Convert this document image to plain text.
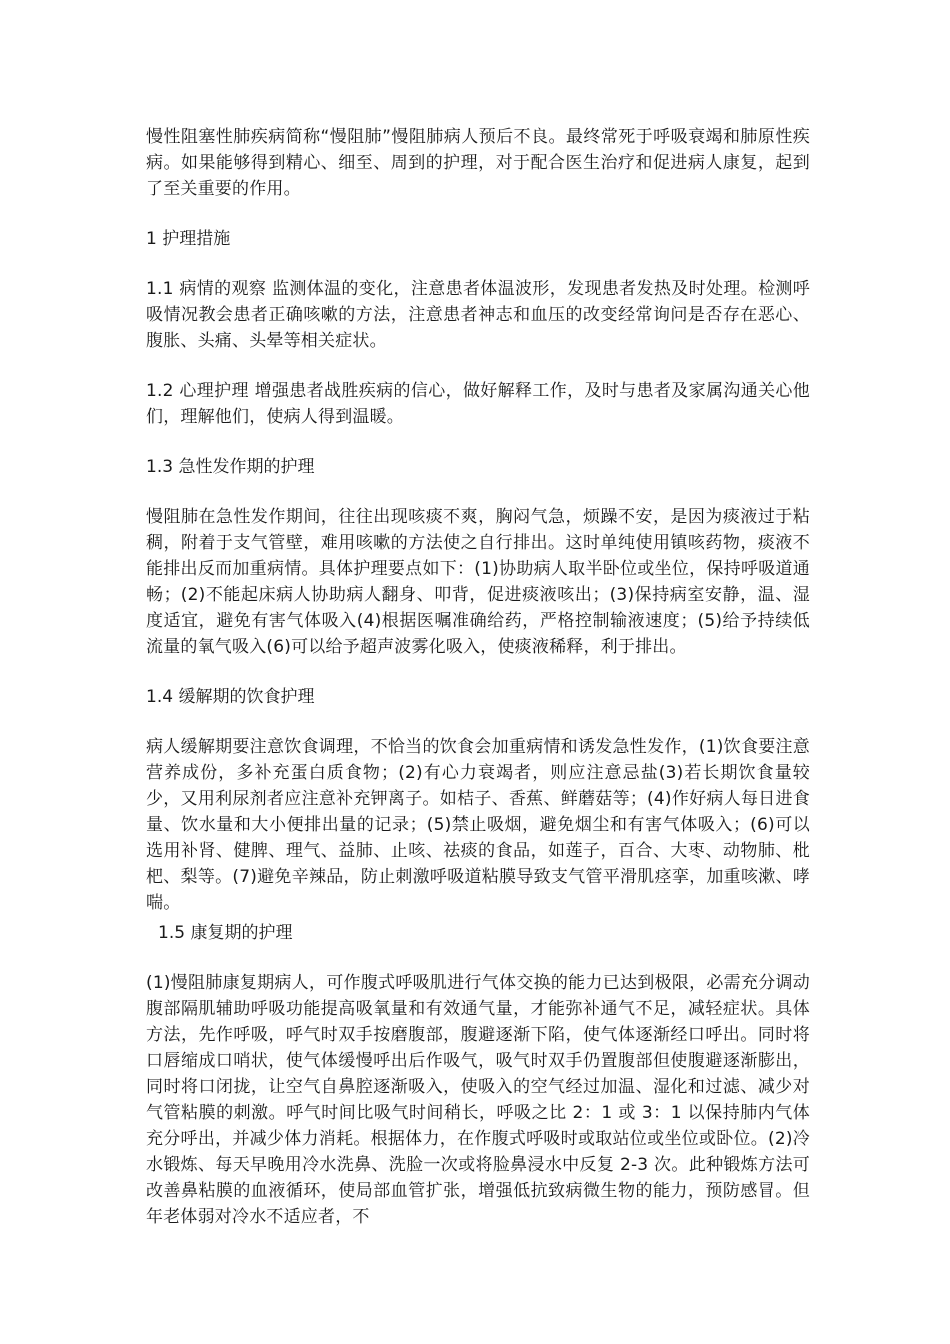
慢性阻塞性肺疾病简称“慢阻肺”慢阻肺病人预后不良。最终常死于呼吸衰竭和肺原性疾病。如果能够得到精心、细至、周到的护理，对于配合医生治疗和促进病人康复，起到了至关重要的作用。

1 护理措施

1.1 病情的观察 监测体温的变化，注意患者体温波形，发现患者发热及时处理。检测呼吸情况教会患者正确咳嗽的方法，注意患者神志和血压的改变经常询问是否存在恶心、腹胀、头痛、头晕等相关症状。

1.2 心理护理 增强患者战胜疾病的信心，做好解释工作，及时与患者及家属沟通关心他们，理解他们，使病人得到温暖。

1.3 急性发作期的护理

慢阻肺在急性发作期间，往往出现咳痰不爽，胸闷气急，烦躁不安，是因为痰液过于粘稠，附着于支气管壁，难用咳嗽的方法使之自行排出。这时单纯使用镇咳药物，痰液不能排出反而加重病情。具体护理要点如下：(1)协助病人取半卧位或坐位，保持呼吸道通畅；(2)不能起床病人协助病人翻身、叩背，促进痰液咳出；(3)保持病室安静，温、湿度适宜，避免有害气体吸入(4)根据医嘱准确给药，严格控制输液速度；(5)给予持续低流量的氧气吸入(6)可以给予超声波雾化吸入，使痰液稀释，利于排出。

1.4 缓解期的饮食护理

病人缓解期要注意饮食调理，不恰当的饮食会加重病情和诱发急性发作，(1)饮食要注意营养成份，多补充蛋白质食物；(2)有心力衰竭者，则应注意忌盐(3)若长期饮食量较少，又用利尿剂者应注意补充钾离子。如桔子、香蕉、鲜蘑菇等；(4)作好病人每日进食量、饮水量和大小便排出量的记录；(5)禁止吸烟，避免烟尘和有害气体吸入；(6)可以选用补肾、健脾、理气、益肺、止咳、祛痰的食品，如莲子，百合、大枣、动物肺、枇杷、梨等。(7)避免辛辣品，防止刺激呼吸道粘膜导致支气管平滑肌痉挛，加重咳漱、哮喘。

1.5 康复期的护理

(1)慢阻肺康复期病人，可作腹式呼吸肌进行气体交换的能力已达到极限，必需充分调动腹部隔肌辅助呼吸功能提高吸氧量和有效通气量，才能弥补通气不足，减轻症状。具体方法，先作呼吸，呼气时双手按磨腹部，腹避逐渐下陷，使气体逐渐经口呼出。同时将口唇缩成口哨状，使气体缓慢呼出后作吸气，吸气时双手仍置腹部但使腹避逐渐膨出，同时将口闭拢，让空气自鼻腔逐渐吸入，使吸入的空气经过加温、湿化和过滤、减少对气管粘膜的刺激。呼气时间比吸气时间稍长，呼吸之比 2：1 或 3：1 以保持肺内气体充分呼出，并减少体力消耗。根据体力，在作腹式呼吸时或取站位或坐位或卧位。(2)冷水锻炼、每天早晚用冷水洗鼻、洗脸一次或将脸鼻浸水中反复 2-3 次。此种锻炼方法可改善鼻粘膜的血液循环，使局部血管扩张，增强低抗致病微生物的能力，预防感冒。但年老体弱对冷水不适应者，不
